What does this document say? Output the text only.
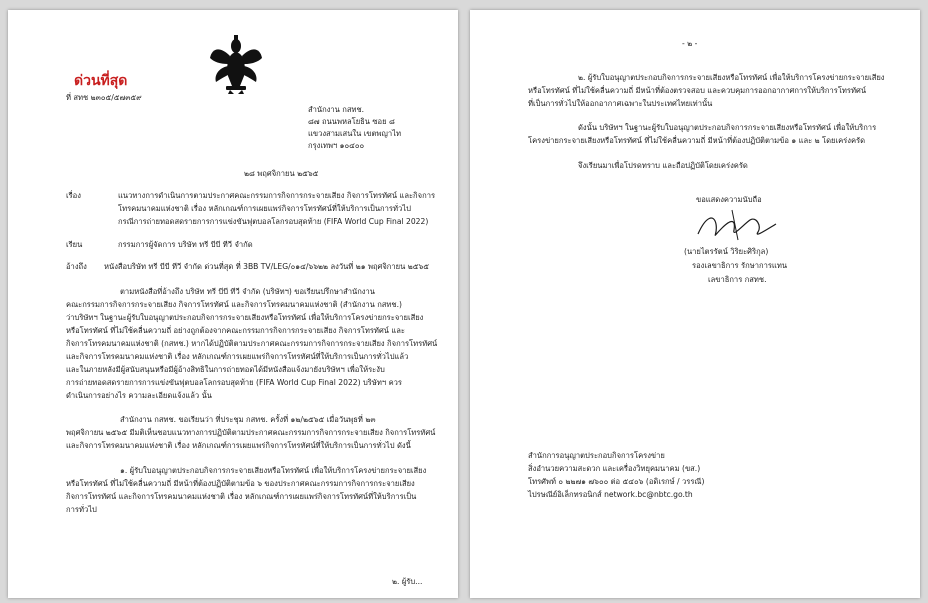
ด่วนที่สุด
ที่ สทช ๒๓๐๕/๕๗๓๕๙
สำนักงาน กสทช.
๘๗ ถนนพหลโยธิน ซอย ๘
แขวงสามเสนใน เขตพญาไท
กรุงเทพฯ ๑๐๔๐๐
๒๘ พฤศจิกายน ๒๕๖๕
เรื่อง	แนวทางการดำเนินการตามประกาศคณะกรรมการกิจการกระจายเสียง กิจการโทรทัศน์ และกิจการ
โทรคมนาคมแห่งชาติ เรื่อง หลักเกณฑ์การเผยแพร่กิจการโทรทัศน์ที่ให้บริการเป็นการทั่วไป
กรณีการถ่ายทอดสดรายการการแข่งขันฟุตบอลโลกรอบสุดท้าย (FIFA World Cup Final 2022)
เรียน	กรรมการผู้จัดการ บริษัท ทรี บีบี ทีวี จำกัด
อ้างถึง หนังสือบริษัท ทรี บีบี ทีวี จำกัด ด่วนที่สุด ที่ 3BB TV/LEG/๐๑๔/๖๖๒๒ ลงวันที่ ๒๑ พฤศจิกายน ๒๕๖๕
ตามหนังสือที่อ้างถึง บริษัท ทรี บีบี ทีวี จำกัด (บริษัทฯ) ขอเรียนปรึกษาสำนักงาน
คณะกรรมการกิจการกระจายเสียง กิจการโทรทัศน์ และกิจการโทรคมนาคมแห่งชาติ (สำนักงาน กสทช.)
ว่าบริษัทฯ ในฐานะผู้รับใบอนุญาตประกอบกิจการกระจายเสียงหรือโทรทัศน์ เพื่อให้บริการโครงข่ายกระจายเสียง
หรือโทรทัศน์ ที่ไม่ใช้คลื่นความถี่ อย่างถูกต้องจากคณะกรรมการกิจการกระจายเสียง กิจการโทรทัศน์ และ
กิจการโทรคมนาคมแห่งชาติ (กสทช.) หากได้ปฏิบัติตามประกาศคณะกรรมการกิจการกระจายเสียง กิจการโทรทัศน์
และกิจการโทรคมนาคมแห่งชาติ เรื่อง หลักเกณฑ์การเผยแพร่กิจการโทรทัศน์ที่ให้บริการเป็นการทั่วไปแล้ว
และในภายหลังมีผู้สนับสนุนหรือมีผู้อ้างสิทธิในการถ่ายทอดได้มีหนังสือแจ้งมายังบริษัทฯ เพื่อให้ระงับ
การถ่ายทอดสดรายการการแข่งขันฟุตบอลโลกรอบสุดท้าย (FIFA World Cup Final 2022) บริษัทฯ ควร
ดำเนินการอย่างไร ความละเอียดแจ้งแล้ว นั้น
สำนักงาน กสทช. ขอเรียนว่า ที่ประชุม กสทช. ครั้งที่ ๑๒/๒๕๖๕ เมื่อวันพุธที่ ๒๓
พฤศจิกายน ๒๕๖๕ มีมติเห็นชอบแนวทางการปฏิบัติตามประกาศคณะกรรมการกิจการกระจายเสียง กิจการโทรทัศน์
และกิจการโทรคมนาคมแห่งชาติ เรื่อง หลักเกณฑ์การเผยแพร่กิจการโทรทัศน์ที่ให้บริการเป็นการทั่วไป ดังนี้
๑. ผู้รับใบอนุญาตประกอบกิจการกระจายเสียงหรือโทรทัศน์ เพื่อให้บริการโครงข่ายกระจายเสียง
หรือโทรทัศน์ ที่ไม่ใช้คลื่นความถี่ มีหน้าที่ต้องปฏิบัติตามข้อ ๖ ของประกาศคณะกรรมการกิจการกระจายเสียง
กิจการโทรทัศน์ และกิจการโทรคมนาคมแห่งชาติ เรื่อง หลักเกณฑ์การเผยแพร่กิจการโทรทัศน์ที่ให้บริการเป็น
การทั่วไป
๒. ผู้รับ...
- ๒ -
๒. ผู้รับใบอนุญาตประกอบกิจการกระจายเสียงหรือโทรทัศน์ เพื่อให้บริการโครงข่ายกระจายเสียง
หรือโทรทัศน์ ที่ไม่ใช้คลื่นความถี่ มีหน้าที่ต้องตรวจสอบ และควบคุมการออกอากาศการให้บริการโทรทัศน์
ที่เป็นการทั่วไปให้ออกอากาศเฉพาะในประเทศไทยเท่านั้น
ดังนั้น บริษัทฯ ในฐานะผู้รับใบอนุญาตประกอบกิจการกระจายเสียงหรือโทรทัศน์ เพื่อให้บริการ
โครงข่ายกระจายเสียงหรือโทรทัศน์ ที่ไม่ใช้คลื่นความถี่ มีหน้าที่ต้องปฏิบัติตามข้อ ๑ และ ๒ โดยเคร่งครัด
จึงเรียนมาเพื่อโปรดทราบ และถือปฏิบัติโดยเคร่งครัด
ขอแสดงความนับถือ
(นายไตรรัตน์ วิริยะศิริกุล)
รองเลขาธิการ รักษาการแทน
เลขาธิการ กสทช.
สำนักการอนุญาตประกอบกิจการโครงข่าย
สิ่งอำนวยความสะดวก และเครื่องวิทยุคมนาคม (ขส.)
โทรศัพท์ ๐ ๒๒๗๑ ๗๖๐๐ ต่อ ๕๔๐๖ (อดิเรกษ์ / วรรณี)
ไปรษณีย์อิเล็กทรอนิกส์ network.bc@nbtc.go.th
